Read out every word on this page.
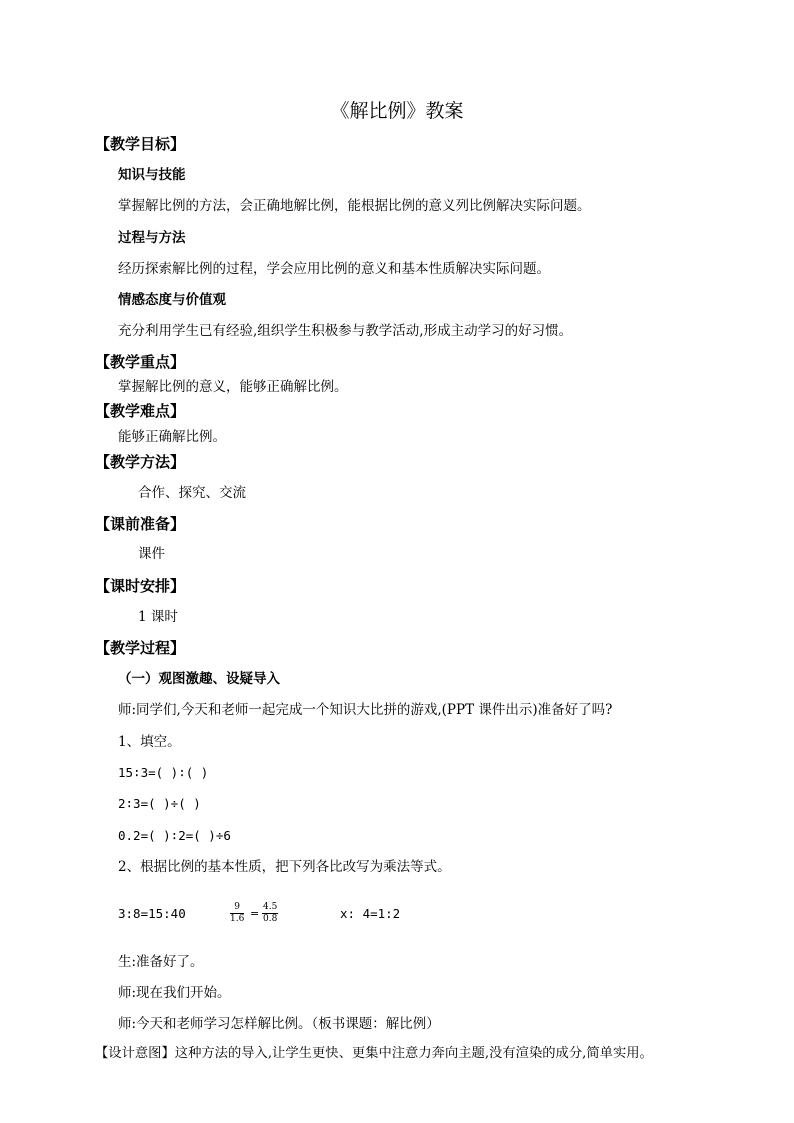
《解比例》教案
【教学目标】
知识与技能
掌握解比例的方法，会正确地解比例，能根据比例的意义列比例解决实际问题。
过程与方法
经历探索解比例的过程，学会应用比例的意义和基本性质解决实际问题。
情感态度与价值观
充分利用学生已有经验,组织学生积极参与教学活动,形成主动学习的好习惯。
【教学重点】
掌握解比例的意义，能够正确解比例。
【教学难点】
能够正确解比例。
【教学方法】
合作、探究、交流
【课前准备】
课件
【课时安排】
1 课时
【教学过程】
（一）观图激趣、设疑导入
师:同学们,今天和老师一起完成一个知识大比拼的游戏,(PPT 课件出示)准备好了吗?
1、填空。
15∶3=( )∶( )
2∶3=( )÷( )
0.2=( )∶2=( )÷6
2、根据比例的基本性质，把下列各比改写为乘法等式。
3:8=15:40	$\frac{9}{1.6} = \frac{4.5}{0.8}$	x: 4=1:2
生:准备好了。
师:现在我们开始。
师:今天和老师学习怎样解比例。（板书课题：解比例）
【设计意图】这种方法的导入,让学生更快、更集中注意力奔向主题,没有渲染的成分,简单实用。
